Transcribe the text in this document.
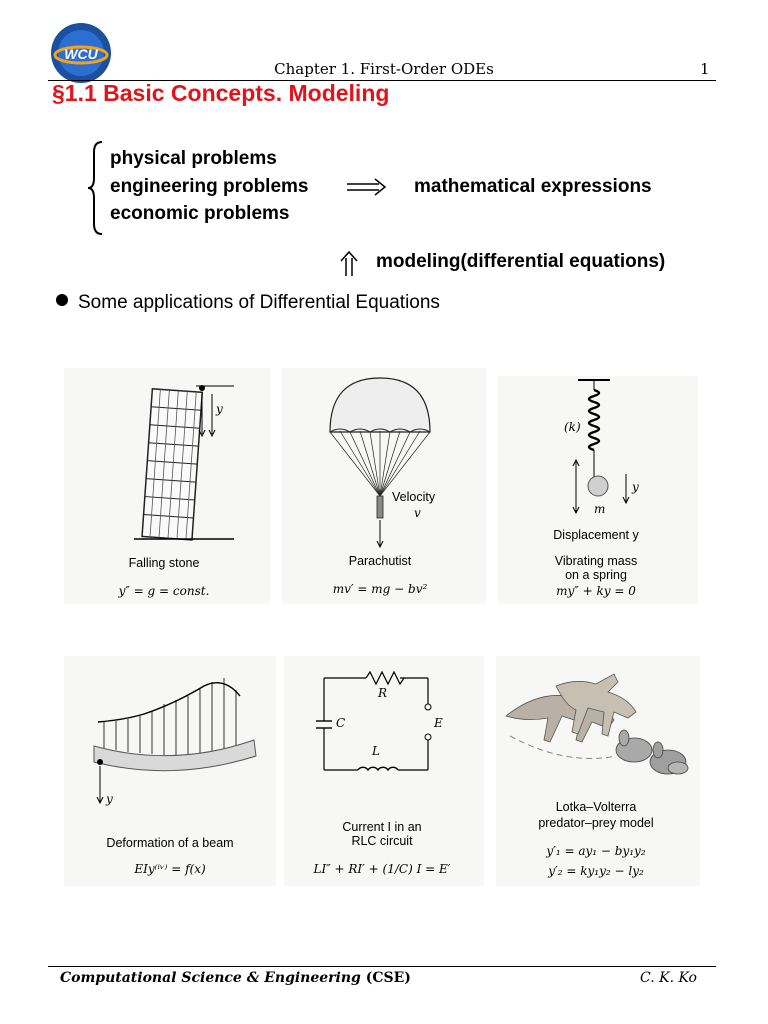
WCU
Chapter 1. First-Order ODEs	1
§1.1 Basic Concepts. Modeling
physical problems
engineering problems
economic problems
mathematical expressions
modeling(differential equations)
Some applications of Differential Equations
y
Falling stone
y″ = g = const.
Velocity
v
Parachutist
mv′ = mg − bv²
(k)
y
m
Displacement y
Vibrating mass
on a spring
my″ + ky = 0
y
Deformation of a beam
EIy⁽ⁱᵛ⁾ = f(x)
R
C	E
L
Current I in an
RLC circuit
LI″ + RI′ + (1/C) I = E′
Lotka–Volterra
predator–prey model
y′₁ = ay₁ − by₁y₂
y′₂ = ky₁y₂ − ly₂
Computational Science & Engineering (CSE)	C. K. Ko
